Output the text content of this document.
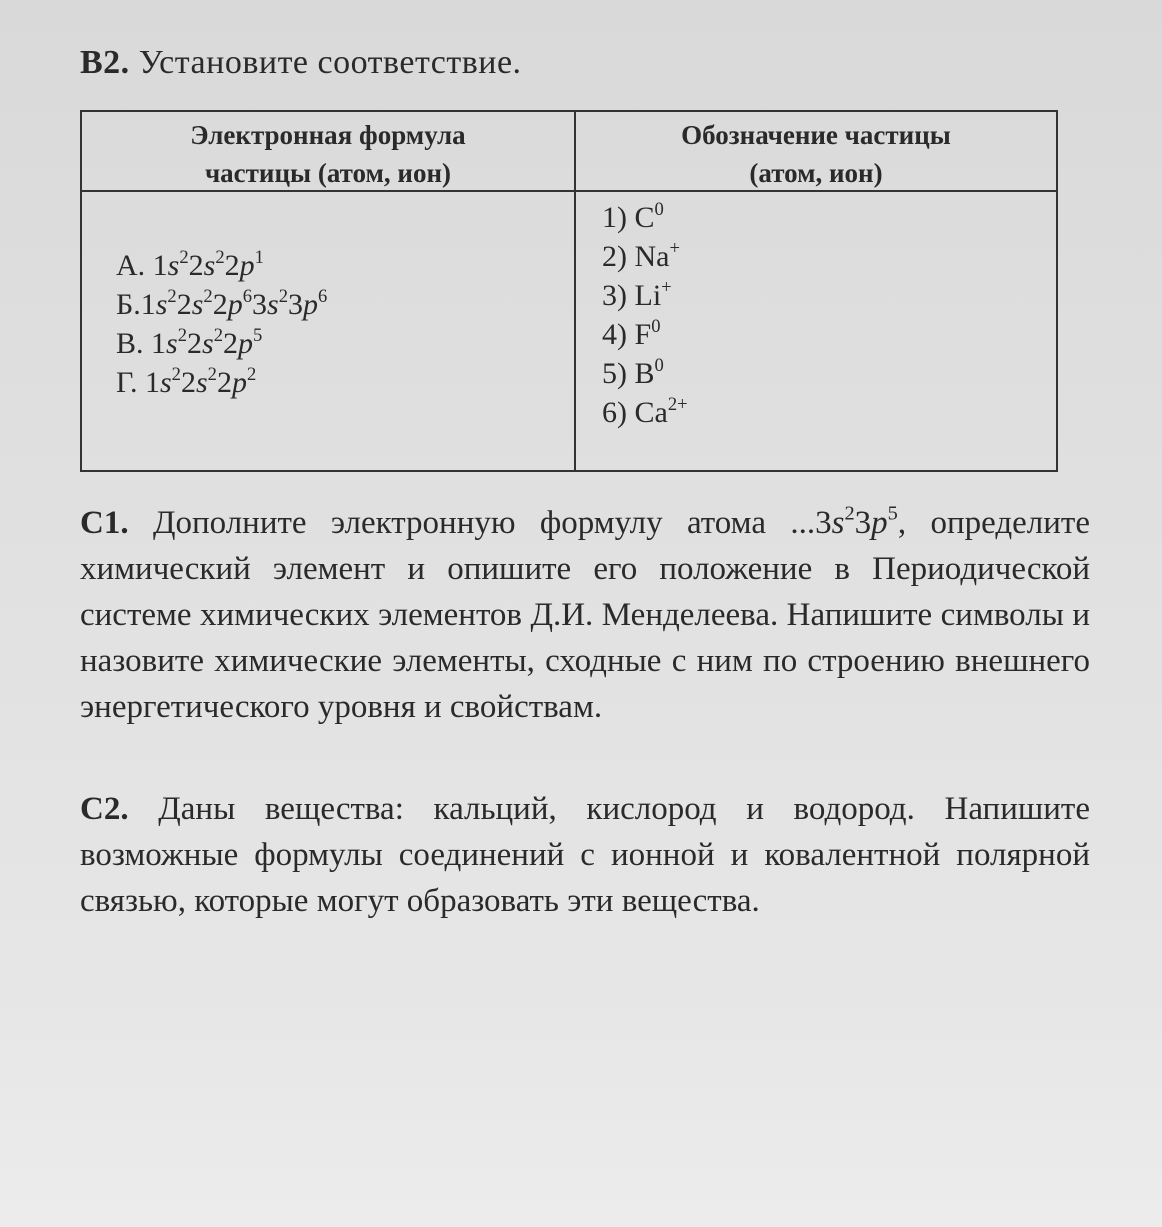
В2. Установите соответствие.
Электронная формула
частицы (атом, ион)
Обозначение частицы
(атом, ион)
А. $1s^22s^22p^1$
$Б.1s^22s^22p^63s^23p^6$
В. $1s^22s^22p^5$
Г. $1s^22s^22p^2$
1) $C^0$
2) Na+
3) Li+
4) $F^0$
5) $B^0$
6) $Ca^{2+}$
С1. Дополните электронную формулу атома $...3s^23p^5$, определите химический элемент и опишите его положение в Периодической системе химических элементов Д.И. Менделеева. Напишите символы и назовите химические элементы, сходные с ним по строению внешнего энергетического уровня и свойствам.
С2. Даны вещества: кальций, кислород и водород. Напишите возможные формулы соединений с ионной и ковалентной полярной связью, которые могут образовать эти вещества.
